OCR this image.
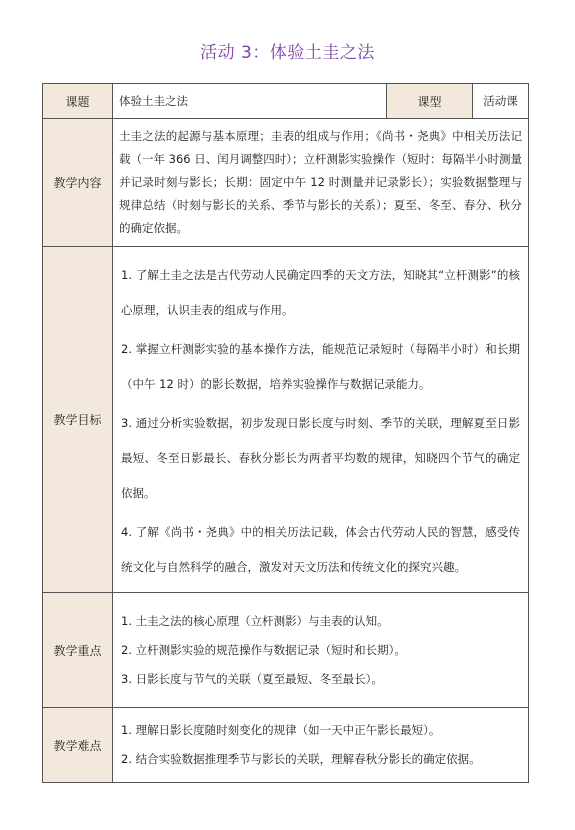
活动 3：体验土圭之法
课题	体验土圭之法	课型	活动课
教学内容	土圭之法的起源与基本原理；圭表的组成与作用；《尚书・尧典》中相关历法记载（一年 366 日、闰月调整四时）；立杆测影实验操作（短时：每隔半小时测量并记录时刻与影长；长期：固定中午 12 时测量并记录影长）；实验数据整理与规律总结（时刻与影长的关系、季节与影长的关系）；夏至、冬至、春分、秋分的确定依据。		

教学目标	1. 了解土圭之法是古代劳动人民确定四季的天文方法，知晓其“立杆测影”的核心原理，认识圭表的组成与作用。

2. 掌握立杆测影实验的基本操作方法，能规范记录短时（每隔半小时）和长期（中午 12 时）的影长数据，培养实验操作与数据记录能力。

3. 通过分析实验数据，初步发现日影长度与时刻、季节的关联，理解夏至日影最短、冬至日影最长、春秋分影长为两者平均数的规律，知晓四个节气的确定依据。

4. 了解《尚书・尧典》中的相关历法记载，体会古代劳动人民的智慧，感受传统文化与自然科学的融合，激发对天文历法和传统文化的探究兴趣。		

教学重点	1. 土圭之法的核心原理（立杆测影）与圭表的认知。
2. 立杆测影实验的规范操作与数据记录（短时和长期）。
3. 日影长度与节气的关联（夏至最短、冬至最长）。		

教学难点	1. 理解日影长度随时刻变化的规律（如一天中正午影长最短）。
2. 结合实验数据推理季节与影长的关联，理解春秋分影长的确定依据。		
